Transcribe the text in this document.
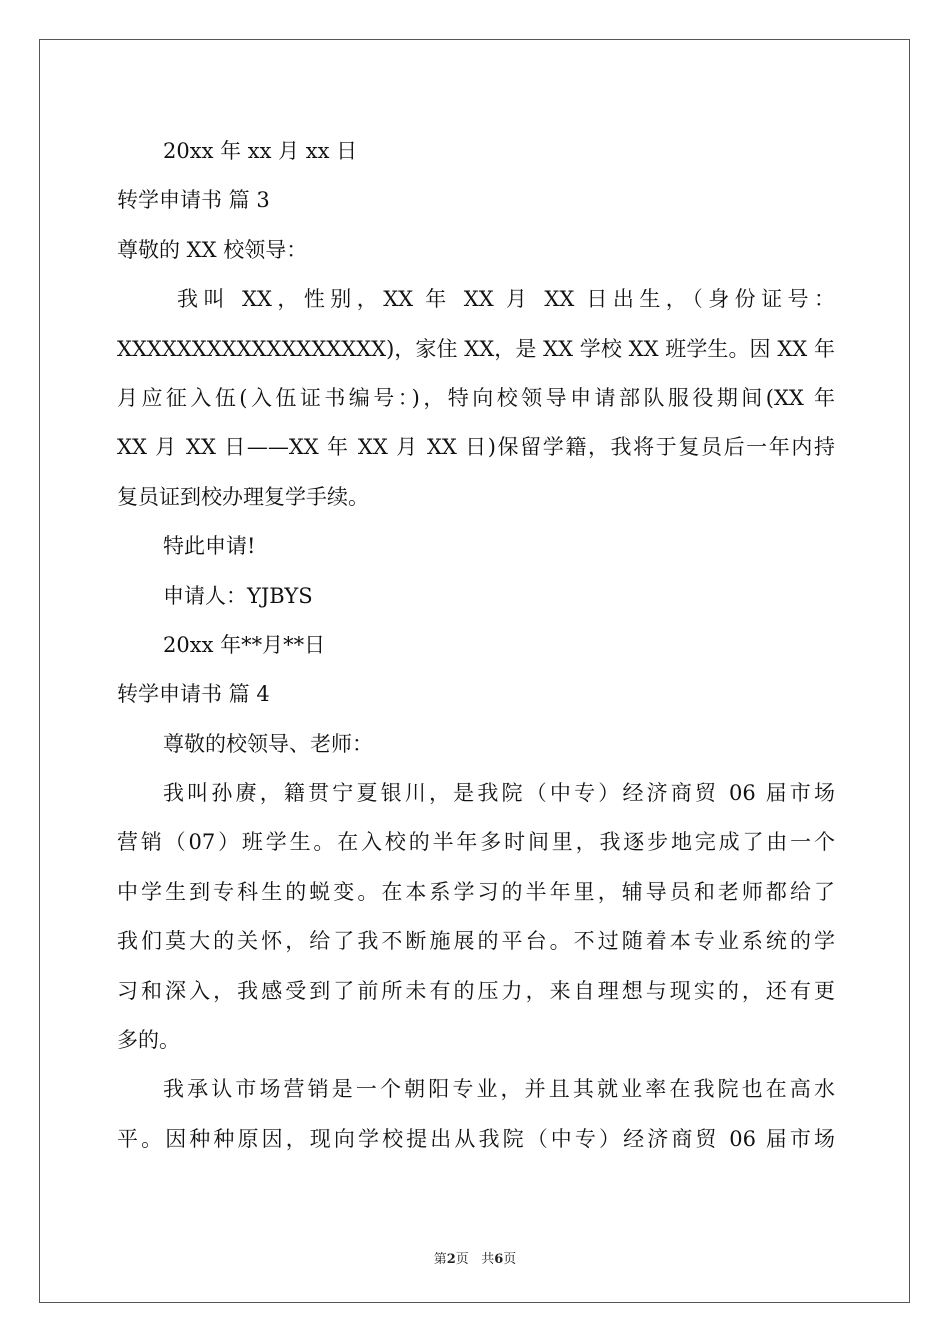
20xx 年 xx 月 xx 日
转学申请书 篇 3
尊敬的 XX 校领导：
我叫 XX，性别，XX 年 XX 月 XX 日出生，（身份证号：
XXXXXXXXXXXXXXXXXX)，家住 XX，是 XX 学校 XX 班学生。因 XX 年
月应征入伍(入伍证书编号：)，特向校领导申请部队服役期间(XX 年
XX 月 XX 日——XX 年 XX 月 XX 日)保留学籍，我将于复员后一年内持
复员证到校办理复学手续。
特此申请!
申请人：YJBYS
20xx 年**月**日
转学申请书 篇 4
尊敬的校领导、老师：
我叫孙赓，籍贯宁夏银川，是我院（中专）经济商贸 06 届市场
营销（07）班学生。在入校的半年多时间里，我逐步地完成了由一个
中学生到专科生的蜕变。在本系学习的半年里，辅导员和老师都给了
我们莫大的关怀，给了我不断施展的平台。不过随着本专业系统的学
习和深入，我感受到了前所未有的压力，来自理想与现实的，还有更
多的。
我承认市场营销是一个朝阳专业，并且其就业率在我院也在高水
平。因种种原因，现向学校提出从我院（中专）经济商贸 06 届市场
第2页 共6页
